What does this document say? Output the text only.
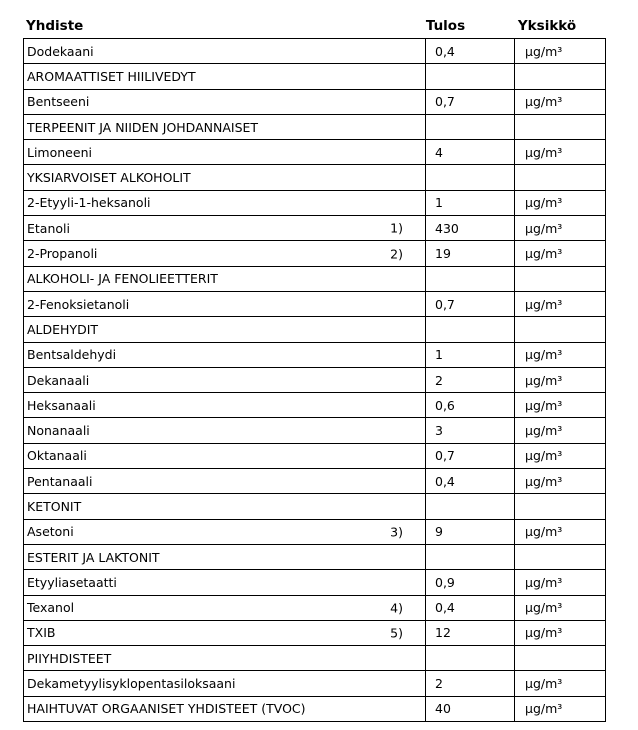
Yhdiste	Tulos	Yksikkö
Dodekaani	0,4	µg/m³
AROMAATTISET HIILIVEDYT		
Bentseeni	0,7	µg/m³
TERPEENIT JA NIIDEN JOHDANNAISET		
Limoneeni	4	µg/m³
YKSIARVOISET ALKOHOLIT		
2-Etyyli-1-heksanoli	1	µg/m³
Etanoli 1)	430	µg/m³
2-Propanoli 2)	19	µg/m³
ALKOHOLI- JA FENOLIEETTERIT		
2-Fenoksietanoli	0,7	µg/m³
ALDEHYDIT		
Bentsaldehydi	1	µg/m³
Dekanaali	2	µg/m³
Heksanaali	0,6	µg/m³
Nonanaali	3	µg/m³
Oktanaali	0,7	µg/m³
Pentanaali	0,4	µg/m³
KETONIT		
Asetoni 3)	9	µg/m³
ESTERIT JA LAKTONIT		
Etyyliasetaatti	0,9	µg/m³
Texanol 4)	0,4	µg/m³
TXIB 5)	12	µg/m³
PIIYHDISTEET		
Dekametyylisyklopentasiloksaani	2	µg/m³
HAIHTUVAT ORGAANISET YHDISTEET (TVOC)	40	µg/m³
